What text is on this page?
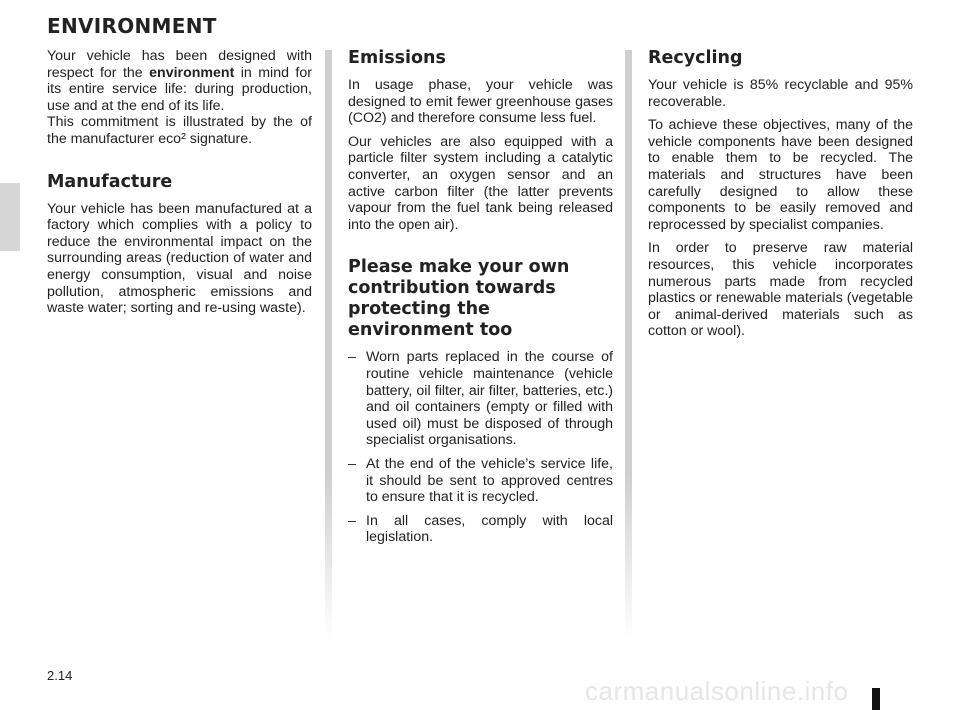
ENVIRONMENT

Your vehicle has been designed with respect for the environment in mind for its entire service life: during production, use and at the end of its life.

This commitment is illustrated by the of the manufacturer eco² signature.

Manufacture

Your vehicle has been manufactured at a factory which complies with a policy to reduce the environmental impact on the surrounding areas (reduction of water and energy consumption, visual and noise pollution, atmospheric emissions and waste water; sorting and re-using waste).

Emissions

In usage phase, your vehicle was designed to emit fewer greenhouse gases (CO2) and therefore consume less fuel.

Our vehicles are also equipped with a particle filter system including a catalytic converter, an oxygen sensor and an active carbon filter (the latter prevents vapour from the fuel tank being released into the open air).

Please make your own contribution towards protecting the environment too
– Worn parts replaced in the course of routine vehicle maintenance (vehicle battery, oil filter, air filter, batteries, etc.) and oil containers (empty or filled with used oil) must be disposed of through specialist organisations.
– At the end of the vehicle’s service life, it should be sent to approved centres to ensure that it is recycled.
– In all cases, comply with local legislation.
Recycling

Your vehicle is 85% recyclable and 95% recoverable.

To achieve these objectives, many of the vehicle components have been designed to enable them to be recycled. The materials and structures have been carefully designed to allow these components to be easily removed and reprocessed by specialist companies.

In order to preserve raw material resources, this vehicle incorporates numerous parts made from recycled plastics or renewable materials (vegetable or animal-derived materials such as cotton or wool).

2.14
carmanualsonline.info
